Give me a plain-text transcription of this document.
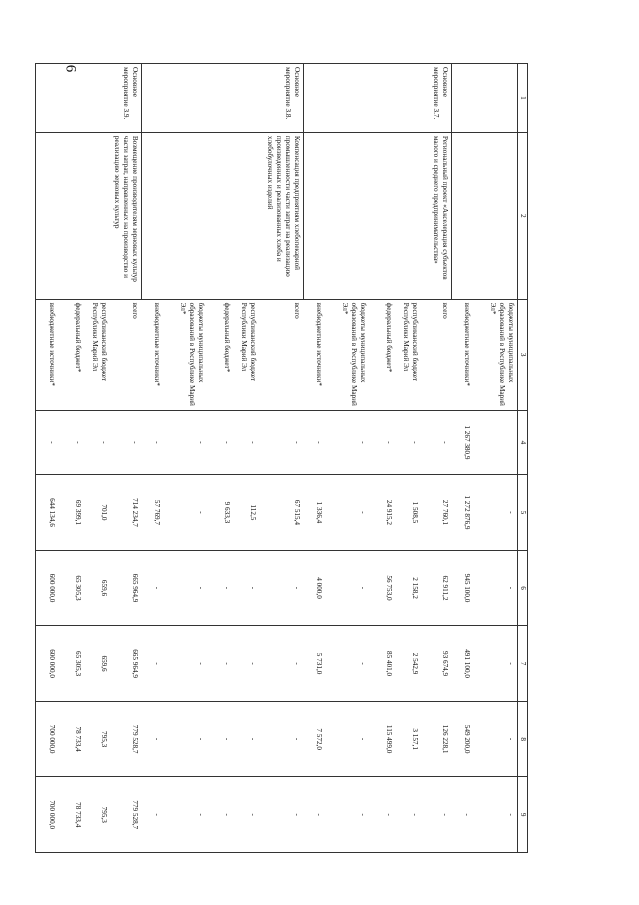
6
1	2	3	4	5	6	7	8	9
		бюджеты муниципальных образований в Республике Марий Эл*		-	-	-	-	-
		внебюджетные источники*	1 267 380,9	1 272 876,9	945 100,0	491 100,0	549 200,0	-
Основное мероприятие 3.7.	Региональный проект «Акселерация субъектов малого и среднего предпринимательства»	всего	-	27 760,1	62 911,2	93 674,9	126 228,1	-
		республиканский бюджет Республики Марий Эл	-	1 508,5	2 158,2	2 542,9	3 157,1	-
		федеральный бюджет*	-	24 915,2	56 753,0	85 401,0	115 499,0	-
		бюджеты муниципальных образований в Республике Марий Эл*	-	-	-	-	-	-
		внебюджетные источники*	-	1 336,4	4 000,0	5 731,0	7 572,0	-
Основное мероприятие 3.8.	Компенсация предприятиям хлебопекарной промышленности части затрат на реализацию произведенных и реализованных хлеба и хлебобулочных изделий	всего	-	67 515,4	-	-	-	-
		республиканский бюджет Республики Марий Эл	-	112,5	-	-	-	-
		федеральный бюджет*	-	9 633,3	-	-	-	-
		бюджеты муниципальных образований в Республике Марий Эл*	-	-	-	-	-	-
		внебюджетные источники*	-	57 769,7	-	-	-	-
Основное мероприятие 3.9.	Возмещение производителям зерновых культур части затрат, направленных на производство и реализацию зерновых культур	всего	-	714 234,7	665 964,9	665 964,9	779 528,7	779 528,7
		республиканский бюджет Республики Марий Эл	-	701,0	659,6	659,6	795,3	795,3
		федеральный бюджет*	-	69 399,1	65 305,3	65 305,3	78 733,4	78 733,4
		внебюджетные источники*	-	644 134,6	600 000,0	600 000,0	700 000,0	700 000,0
